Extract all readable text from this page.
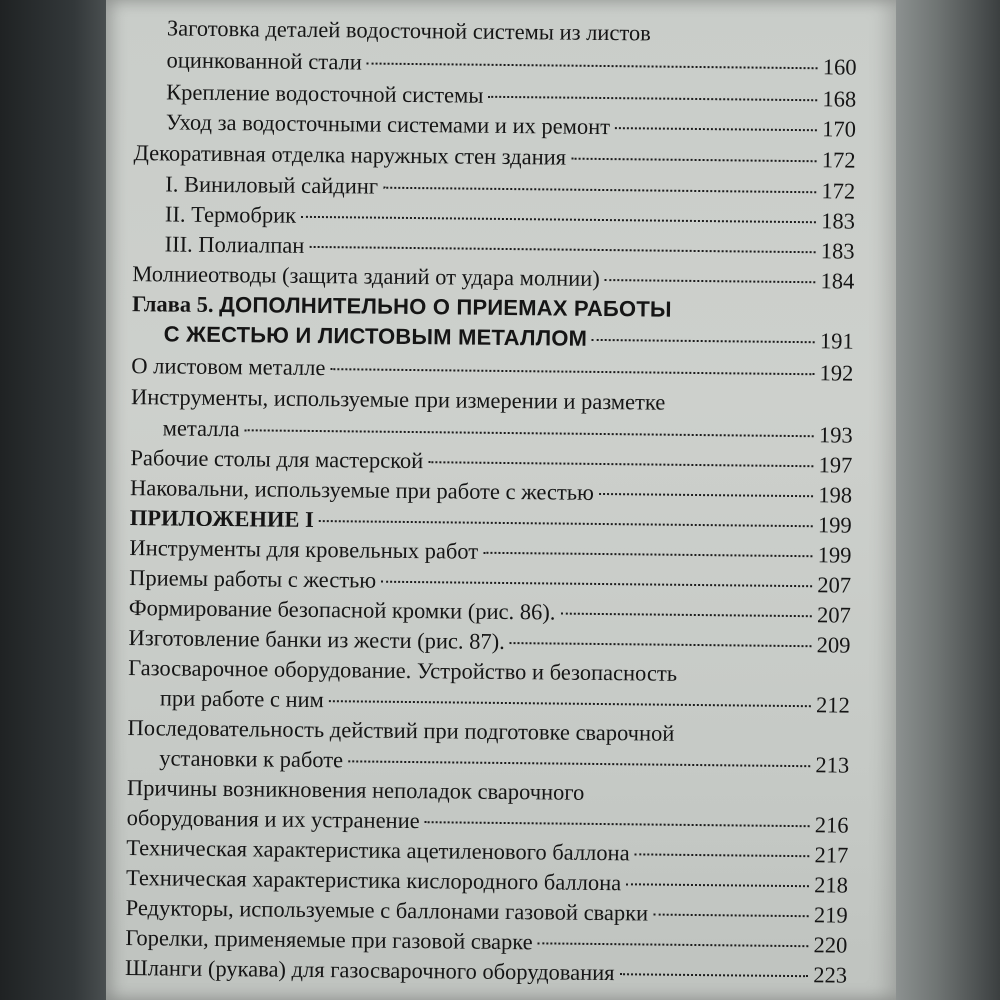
Заготовка деталей водосточной системы из листов
оцинкованной стали	160
Крепление водосточной системы	168
Уход за водосточными системами и их ремонт	170
Декоративная отделка наружных стен здания	172
I. Виниловый сайдинг	172
II. Термобрик	183
III. Полиалпан	183
Молниеотводы (защита зданий от удара молнии)	184
Глава 5. ДОПОЛНИТЕЛЬНО О ПРИЕМАХ РАБОТЫ
С ЖЕСТЬЮ И ЛИСТОВЫМ МЕТАЛЛОМ	191
О листовом металле	192
Инструменты, используемые при измерении и разметке
металла	193
Рабочие столы для мастерской	197
Наковальни, используемые при работе с жестью	198
ПРИЛОЖЕНИЕ I	199
Инструменты для кровельных работ	199
Приемы работы с жестью	207
Формирование безопасной кромки (рис. 86).	207
Изготовление банки из жести (рис. 87).	209
Газосварочное оборудование. Устройство и безопасность
при работе с ним	212
Последовательность действий при подготовке сварочной
установки к работе	213
Причины возникновения неполадок сварочного
оборудования и их устранение	216
Техническая характеристика ацетиленового баллона	217
Техническая характеристика кислородного баллона	218
Редукторы, используемые с баллонами газовой сварки	219
Горелки, применяемые при газовой сварке	220
Шланги (рукава) для газосварочного оборудования	223
